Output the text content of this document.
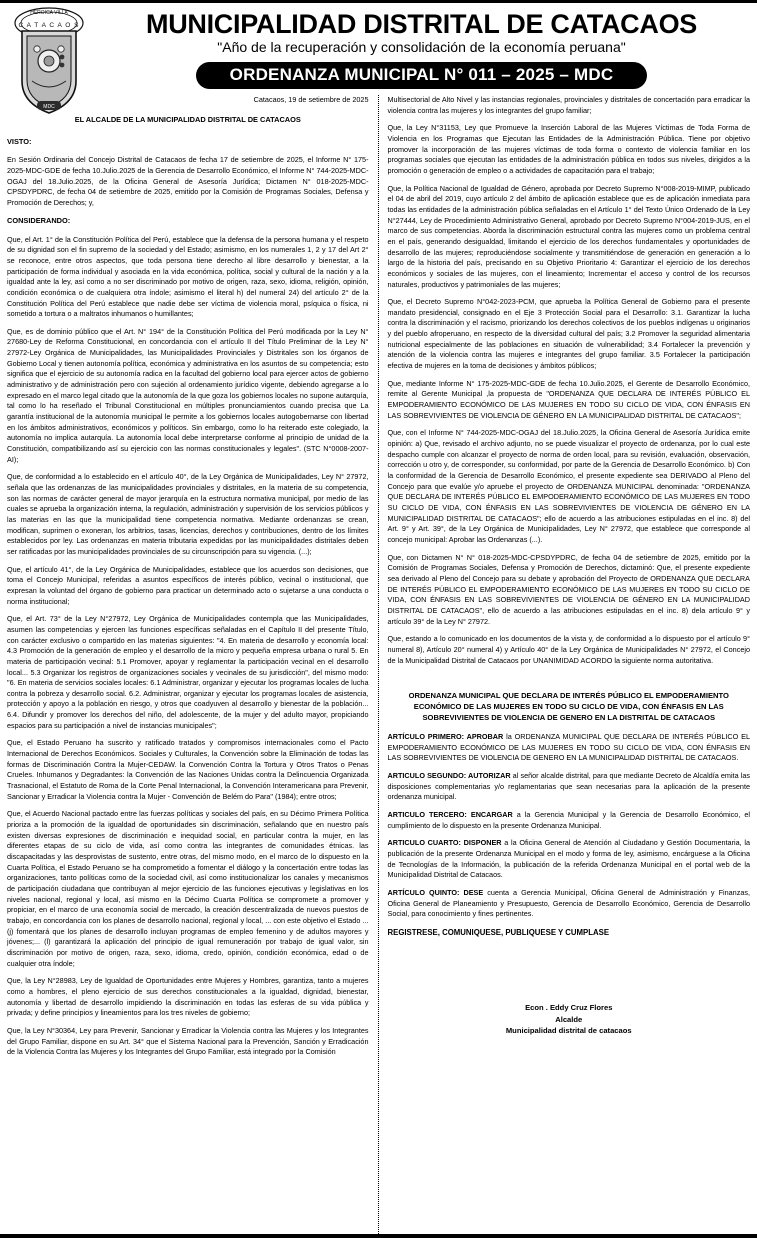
HEROICA VILLA
C A T A C A O S
MDC
MUNICIPALIDAD DISTRITAL DE CATACAOS
"Año de la recuperación y consolidación de la economía peruana"
ORDENANZA MUNICIPAL N° 011 – 2025 – MDC
Catacaos, 19 de setiembre de 2025
EL ALCALDE DE LA MUNICIPALIDAD DISTRITAL DE CATACAOS
VISTO:
En Sesión Ordinaria del Concejo Distrital de Catacaos de fecha 17 de setiembre de 2025, el Informe N° 175-2025-MDC-GDE de fecha 10.Julio.2025 de la Gerencia de Desarrollo Económico, el Informe N° 744-2025-MDC-OGAJ del 18.Julio.2025, de la Oficina General de Asesoría Jurídica; Dictamen N° 018-2025-MDC- CPSDYPDRC, de fecha 04 de setiembre de 2025, emitido por la Comisión de Programas Sociales, Defensa y Promoción de Derechos; y,
CONSIDERANDO:
Que, el Art. 1° de la Constitución Política del Perú, establece que la defensa de la persona humana y el respeto de su dignidad son el fin supremo de la sociedad y del Estado; asimismo, en los numerales 1, 2 y 17 del Art 2° se reconoce, entre otros aspectos, que toda persona tiene derecho al libre desarrollo y bienestar, a la participación de forma individual y asociada en la vida económica, política, social y cultural de la nación y a la igualdad ante la ley, así como a no ser discriminado por motivo de origen, raza, sexo, idioma, religión, opinión, condición económica o de cualquiera otra índole; asimismo el literal h) del numeral 24) del artículo 2° de la Constitución Política del Perú establece que nadie debe ser víctima de violencia moral, psíquica o física, ni sometido a tortura o a maltratos inhumanos o humillantes;
Que, es de dominio público que el Art. N° 194° de la Constitución Política del Perú modificada por la Ley N° 27680-Ley de Reforma Constitucional, en concordancia con el artículo II del Título Preliminar de la Ley N° 27972-Ley Orgánica de Municipalidades, las Municipalidades Provinciales y Distritales son los órganos de Gobierno Local y tienen autonomía política, económica y administrativa en los asuntos de su competencia; esto significa que el ejercicio de su autonomía radica en la facultad del gobierno local para ejercer actos de gobierno administrativo y de administración pero con sujeción al ordenamiento jurídico vigente, debiendo agregarse a lo expresado en el marco legal citado que la autonomía de la que goza los gobiernos locales no supone autarquía, tal como lo ha reseñado el Tribunal Constitucional en múltiples pronunciamientos cuando precisa que La garantía institucional de la autonomía municipal le permite a los gobiernos locales autogobernarse con libertad en los ámbitos administrativos, económicos y políticos. Sin embargo, como lo ha reiterado este colegiado, la autonomía no implica autarquía. La autonomía local debe interpretarse conforme al principio de unidad de la Constitución, compatibilizando así su ejercicio con las normas constitucionales y legales". (STC N°0008-2007-AI);
Que, de conformidad a lo establecido en el artículo 40°, de la Ley Orgánica de Municipalidades, Ley N° 27972, señala que las ordenanzas de las municipalidades provinciales y distritales, en la materia de su competencia, son las normas de carácter general de mayor jerarquía en la estructura normativa municipal, por medio de las cuales se aprueba la organización interna, la regulación, administración y supervisión de los servicios públicos y las materias en las que la municipalidad tiene competencia normativa. Mediante ordenanzas se crean, modifican, suprimen o exoneran, los arbitrios, tasas, licencias, derechos y contribuciones, dentro de los límites establecidos por ley. Las ordenanzas en materia tributaria expedidas por las municipalidades distritales deben ser ratificadas por las municipalidades provinciales de su circunscripción para su vigencia. (...);
Que, el artículo 41°, de la Ley Orgánica de Municipalidades, establece que los acuerdos son decisiones, que toma el Concejo Municipal, referidas a asuntos específicos de interés público, vecinal o institucional, que expresan la voluntad del órgano de gobierno para practicar un determinado acto o sujetarse a una conducta o norma institucional;
Que, el Art. 73° de la Ley N°27972, Ley Orgánica de Municipalidades contempla que las Municipalidades, asumen las competencias y ejercen las funciones específicas señaladas en el Capítulo II del presente Título, con carácter exclusivo o compartido en las materias siguientes: "4. En materia de desarrollo y economía local: 4.3 Promoción de la generación de empleo y el desarrollo de la micro y pequeña empresa urbana o rural 5. En materia de participación vecinal: 5.1 Promover, apoyar y reglamentar la participación vecinal en el desarrollo local... 5.3 Organizar los registros de organizaciones sociales y vecinales de su jurisdicción", del mismo modo: "6. En materia de servicios sociales locales: 6.1 Administrar, organizar y ejecutar los programas locales de lucha contra la pobreza y desarrollo social. 6.2. Administrar, organizar y ejecutar los programas locales de asistencia, protección y apoyo a la población en riesgo, y otros que coadyuven al desarrollo y bienestar de la población... 6.4. Difundir y promover los derechos del niño, del adolescente, de la mujer y del adulto mayor, propiciando espacios para su participación a nivel de instancias municipales";
Que, el Estado Peruano ha suscrito y ratificado tratados y compromisos internacionales como el Pacto Internacional de Derechos Económicos. Sociales y Culturales, la Convención sobre la Eliminación de todas las formas de Discriminación Contra la Mujer-CEDAW. la Convención Contra la Tortura y Otros Tratos o Penas Crueles. Inhumanos y Degradantes: la Convención de las Naciones Unidas contra la Delincuencia Organizada Trasnacional, el Estatuto de Roma de la Corte Penal Internacional, la Convención Interamericana para Prevenir, Sancionar y Erradicar la Violencia contra la Mujer - Convención de Belém do Para" (1984); entre otros;
Que, el Acuerdo Nacional pactado entre las fuerzas políticas y sociales del país, en su Décimo Primera Política prioriza a la promoción de la igualdad de oportunidades sin discriminación, señalando que en nuestro país existen diversas expresiones de discriminación e inequidad social, en particular contra la mujer, en las diferentes etapas de su ciclo de vida, así como contra las integrantes de comunidades étnicas. las discapacitadas y las desprovistas de sustento, entre otras, del mismo modo, en el marco de lo dispuesto en la Cuarta Política, el Estado Peruano se ha comprometido a fomentar el diálogo y la concertación entre todas las organizaciones, tanto políticas como de la sociedad civil, así como institucionalizar los canales y mecanismos de participación ciudadana que contribuyan al mejor ejercicio de las funciones ejecutivas y legislativas en los niveles nacional, regional y local, así mismo en la Décimo Cuarta Política se compromete a promover y propiciar, en el marco de una economía social de mercado, la creación descentralizada de nuevos puestos de trabajo, en concordancia con los planes de desarrollo nacional, regional y local, ... con este objetivo el Estado ...(j) fomentará que los planes de desarrollo incluyan programas de empleo femenino y de adultos mayores y jóvenes;... (l) garantizará la aplicación del principio de igual remuneración por trabajo de igual valor, sin discriminación por motivo de origen, raza, sexo, idioma, credo, opinión, condición económica, edad o de cualquier otra índole;
Que, la Ley N°28983, Ley de Igualdad de Oportunidades entre Mujeres y Hombres, garantiza, tanto a mujeres como a hombres, el pleno ejercicio de sus derechos constitucionales a la igualdad, dignidad, bienestar, autonomía y libertad de desarrollo impidiendo la discriminación en todas las esferas de su vida pública y privada; y define principios y lineamientos para los tres niveles de gobierno;
Que, la Ley N°30364, Ley para Prevenir, Sancionar y Erradicar la Violencia contra las Mujeres y los Integrantes del Grupo Familiar, dispone en su Art. 34° que el Sistema Nacional para la Prevención, Sanción y Erradicación de la Violencia Contra las Mujeres y los Integrantes del Grupo Familiar, está integrado por la Comisión
Multisectorial de Alto Nivel y las instancias regionales, provinciales y distritales de concertación para erradicar la violencia contra las mujeres y los integrantes del grupo familiar;
Que, la Ley N°31153, Ley que Promueve la Inserción Laboral de las Mujeres Víctimas de Toda Forma de Violencia en los Programas que Ejecutan las Entidades de la Administración Pública. Tiene por objetivo promover la incorporación de las mujeres víctimas de toda forma o contexto de violencia familiar en los programas sociales que ejecutan las entidades de la administración pública en todos sus niveles, dirigidos a la promoción o generación de empleo o a actividades de capacitación para el trabajo;
Que, la Política Nacional de Igualdad de Género, aprobada por Decreto Supremo N°008-2019-MIMP, publicado el 04 de abril del 2019, cuyo artículo 2 del ámbito de aplicación establece que es de aplicación inmediata para todas las entidades de la administración pública señaladas en el Artículo 1° del Texto Único Ordenado de la Ley N°27444, Ley de Procedimiento Administrativo General, aprobado por Decreto Supremo N°004-2019-JUS, en el marco de sus competencias. Aborda la discriminación estructural contra las mujeres como un problema central en el país, generando desigualdad, limitando el ejercicio de los derechos fundamentales y oportunidades de desarrollo de las mujeres; reproduciéndose socialmente y transmitiéndose de generación en generación a lo largo de la historia del país, precisando en su Objetivo Prioritario 4: Garantizar el ejercicio de los derechos económicos y sociales de las mujeres, con el lineamiento; Incrementar el acceso y control de los recursos naturales, productivos y patrimoniales de las mujeres;
Que, el Decreto Supremo N°042-2023-PCM, que aprueba la Política General de Gobierno para el presente mandato presidencial, consignado en el Eje 3 Protección Social para el Desarrollo: 3.1. Garantizar la lucha contra la discriminación y el racismo, priorizando los derechos colectivos de los pueblos indígenas u originarios y del pueblo afroperuano, en respecto de la diversidad cultural del país; 3.2 Promover la seguridad alimentaria nutricional especialmente de las poblaciones en situación de vulnerabilidad; 3.4 Fortalecer la prevención y atención de la violencia contra las mujeres e integrantes del grupo familiar. 3.5 Fortalecer la participación efectiva de mujeres en la toma de decisiones y ámbitos públicos;
Que, mediante Informe N° 175-2025-MDC-GDE de fecha 10.Julio.2025, el Gerente de Desarrollo Económico, remite al Gerente Municipal ,la propuesta de "ORDENANZA QUE DECLARA DE INTERÉS PÚBLICO EL EMPODERAMIENTO ECONÓMICO DE LAS MUJERES EN TODO SU CICLO DE VIDA, CON ÉNFASIS EN LAS SOBREVIVIENTES DE VIOLENCIA DE GÉNERO EN LA MUNICIPALIDAD DISTRITAL DE CATACAOS";
Que, con el Informe N° 744-2025-MDC-OGAJ del 18.Julio.2025, la Oficina General de Asesoría Jurídica emite opinión: a) Que, revisado el archivo adjunto, no se puede visualizar el proyecto de ordenanza, por lo cual este despacho cumple con alcanzar el proyecto de norma de orden local, para su revisión, evaluación, observación, corrección u otro y, de corresponder, su conformidad, por parte de la Gerencia de Desarrollo Económico. b) Con la conformidad de la Gerencia de Desarrollo Económico, el presente expediente sea DERIVADO al Pleno del Concejo para que evalúe y/o apruebe el proyecto de ORDENANZA MUNICIPAL denominada: "ORDENANZA QUE DECLARA DE INTERÉS PÚBLICO EL EMPODERAMIENTO ECONÓMICO DE LAS MUJERES EN TODO SU CICLO DE VIDA, CON ÉNFASIS EN LAS SOBREVIVIENTES DE VIOLENCIA DE GÉNERO EN LA MUNICIPALIDAD DISTRITAL DE CATACAOS"; ello de acuerdo a las atribuciones estipuladas en el inc. 8) del Art. 9° y Art. 39°, de la Ley Orgánica de Municipalidades, Ley N° 27972, que establece que corresponde al concejo municipal: Aprobar las Ordenanzas (...).
Que, con Dictamen N° N° 018-2025-MDC-CPSDYPDRC, de fecha 04 de setiembre de 2025, emitido por la Comisión de Programas Sociales, Defensa y Promoción de Derechos, dictaminó: Que, el presente expediente sea derivado al Pleno del Concejo para su debate y aprobación del Proyecto de ORDENANZA QUE DECLARA DE INTERÉS PÚBLICO EL EMPODERAMIENTO ECONÓMICO DE LAS MUJERES EN TODO SU CICLO DE VIDA, CON ÉNFASIS EN LAS SOBREVIVIENTES DE VIOLENCIA DE GÉNERO EN LA MUNICIPALIDAD DISTRITAL DE CATACAOS", ello de acuerdo a las atribuciones estipuladas en el inc. 8) dela artículo 9° y artículo 39° de la Ley N° 27972.
Que, estando a lo comunicado en los documentos de la vista y, de conformidad a lo dispuesto por el artículo 9° numeral 8), Artículo 20° numeral 4) y Artículo 40° de la Ley Orgánica de Municipalidades N° 27972, el Concejo de la Municipalidad Distrital de Catacaos por UNANIMIDAD ACORDO la siguiente norma autoritativa.
ORDENANZA MUNICIPAL QUE DECLARA DE INTERÉS PÚBLICO EL EMPODERAMIENTO ECONÓMICO DE LAS MUJERES EN TODO SU CICLO DE VIDA, CON ÉNFASIS EN LAS SOBREVIVIENTES DE VIOLENCIA DE GENERO EN LA DISTRITAL DE CATACAOS
ARTÍCULO PRIMERO: APROBAR la ORDENANZA MUNICIPAL QUE DECLARA DE INTERÉS PÚBLICO EL EMPODERAMIENTO ECONÓMICO DE LAS MUJERES EN TODO SU CICLO DE VIDA, CON ÉNFASIS EN LAS SOBREVIVIENTES DE VIOLENCIA DE GENERO EN LA MUNICIPALIDAD DISTRITAL DE CATACAOS.
ARTICULO SEGUNDO: AUTORIZAR al señor alcalde distrital, para que mediante Decreto de Alcaldía emita las disposiciones complementarias y/o reglamentarias que sean necesarias para la aplicación de la presente ordenanza municipal.
ARTICULO TERCERO: ENCARGAR a la Gerencia Municipal y la Gerencia de Desarrollo Económico, el cumplimiento de lo dispuesto en la presente Ordenanza Municipal.
ARTICULO CUARTO: DISPONER a la Oficina General de Atención al Ciudadano y Gestión Documentaria, la publicación de la presente Ordenanza Municipal en el modo y forma de ley, asimismo, encárguese a la Oficina de Tecnologías de la Información, la publicación de la referida Ordenanza Municipal en el portal web de la Municipalidad Distrital de Catacaos.
ARTÍCULO QUINTO: DESE cuenta a Gerencia Municipal, Oficina General de Administración y Finanzas, Oficina General de Planeamiento y Presupuesto, Gerencia de Desarrollo Económico, Gerencia de Desarrollo Social, para conocimiento y fines pertinentes.
REGISTRESE, COMUNIQUESE, PUBLIQUESE Y CUMPLASE
Econ . Eddy Cruz Flores
Alcalde
Municipalidad distrital de catacaos
